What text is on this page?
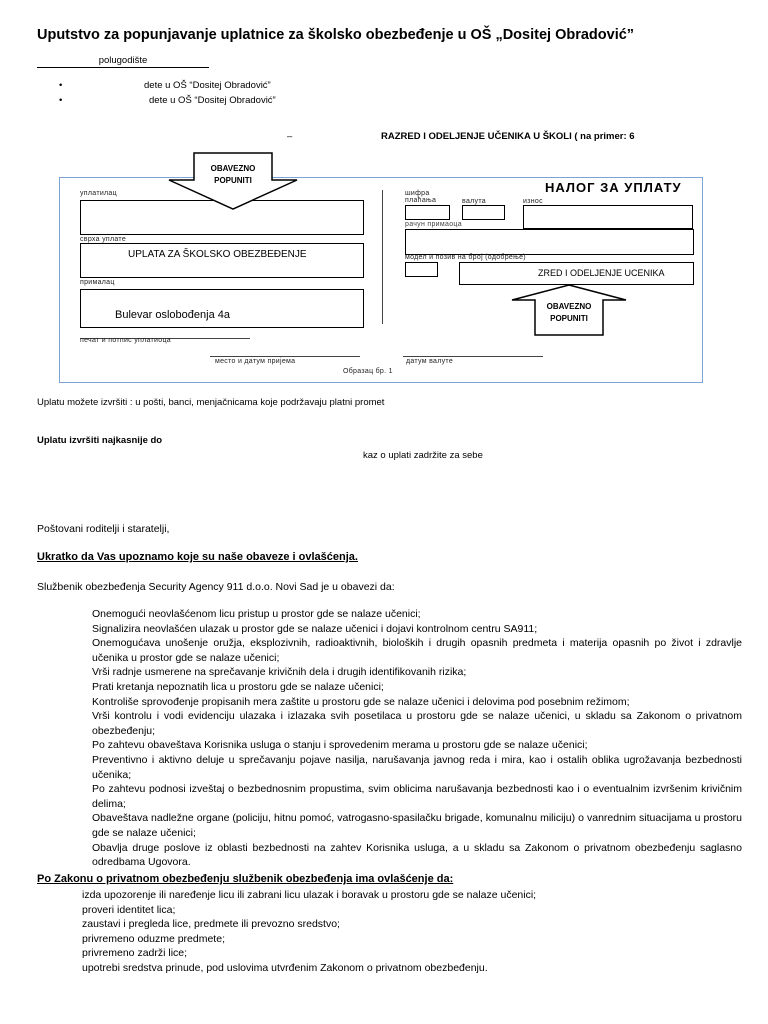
Uputstvo za popunjavanje uplatnice za školsko obezbeđenje u OŠ „Dositej Obradović”
polugodište
•	dete u OŠ “Dositej Obradović”
•	dete u OŠ “Dositej Obradović”
–	RAZRED I ODELJENJE UČENIKA U ŠKOLI ( na primer: 6
НАЛОГ ЗА УПЛАТУ
уплатилац
сврха уплате
UPLATA ZA ŠKOLSKO OBEZBEĐENJE
прималац
Bulevar oslobođenja 4a
печат и потпис уплатиоца
место и датум пријема	датум валуте
Образац бр. 1
шифра плаћања	валута	износ
рачун примаоца
модел и позив на број (одобрење)
ZRED I ODELJENJE UCENIKA
OBAVEZNO POPUNITI
OBAVEZNO POPUNITI
Uplatu možete izvršiti : u pošti, banci, menjačnicama koje podržavaju platni promet
Uplatu izvršiti najkasnije do
kaz o uplati zadržite za sebe
Poštovani roditelji i staratelji,
Ukratko da Vas upoznamo koje su naše obaveze i ovlašćenja.
Službenik obezbeđenja Security Agency 911 d.o.o. Novi Sad je u obavezi da:

Onemogući neovlašćenom licu pristup u prostor gde se nalaze učenici;

Signalizira neovlašćen ulazak u prostor gde se nalaze učenici i dojavi kontrolnom centru SA911;

Onemogućava unošenje oružja, eksplozivnih, radioaktivnih, bioloških i drugih opasnih predmeta i materija opasnih po život i zdravlje učenika u prostor gde se nalaze učenici;

Vrši radnje usmerene na sprečavanje krivičnih dela i drugih identifikovanih rizika;

Prati kretanja nepoznatih lica u prostoru gde se nalaze učenici;

Kontroliše sprovođenje propisanih mera zaštite u prostoru gde se nalaze učenici i delovima pod posebnim režimom;

Vrši kontrolu i vodi evidenciju ulazaka i izlazaka svih posetilaca u prostoru gde se nalaze učenici, u skladu sa Zakonom o privatnom obezbeđenju;

Po zahtevu obaveštava Korisnika usluga o stanju i sprovedenim merama u prostoru gde se nalaze učenici;

Preventivno i aktivno deluje u sprečavanju pojave nasilja, narušavanja javnog reda i mira, kao i ostalih oblika ugrožavanja bezbednosti učenika;

Po zahtevu podnosi izveštaj o bezbednosnim propustima, svim oblicima narušavanja bezbednosti kao i o eventualnim izvršenim krivičnim delima;

Obaveštava nadležne organe (policiju, hitnu pomoć, vatrogasno-spasilačku brigade, komunalnu miliciju) o vanrednim situacijama u prostoru gde se nalaze učenici;

Obavlja druge poslove iz oblasti bezbednosti na zahtev Korisnika usluga, a u skladu sa Zakonom o privatnom obezbeđenju saglasno odredbama Ugovora.

Po Zakonu o privatnom obezbeđenju službenik obezbeđenja ima ovlašćenje da:

izda upozorenje ili naređenje licu ili zabrani licu ulazak i boravak u prostoru gde se nalaze učenici;

proveri identitet lica;

zaustavi i pregleda lice, predmete ili prevozno sredstvo;

privremeno oduzme predmete;

privremeno zadrži lice;

upotrebi sredstva prinude, pod uslovima utvrđenim Zakonom o privatnom obezbeđenju.
